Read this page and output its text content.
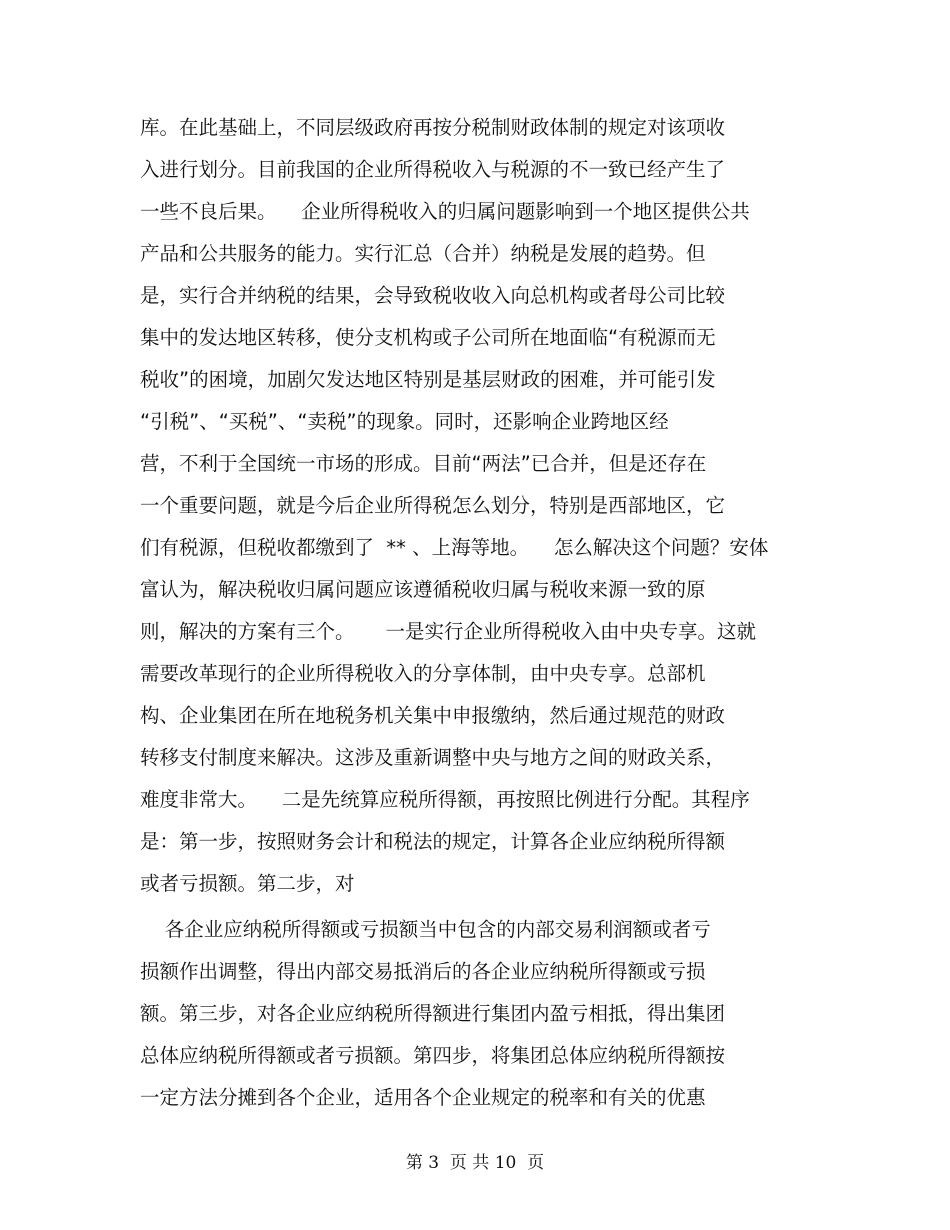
库。在此基础上，不同层级政府再按分税制财政体制的规定对该项收
入进行划分。目前我国的企业所得税收入与税源的不一致已经产生了
一些不良后果。    企业所得税收入的归属问题影响到一个地区提供公共
产品和公共服务的能力。实行汇总（合并）纳税是发展的趋势。但
是，实行合并纳税的结果，会导致税收收入向总机构或者母公司比较
集中的发达地区转移，使分支机构或子公司所在地面临“有税源而无
税收”的困境，加剧欠发达地区特别是基层财政的困难，并可能引发
“引税”、“买税”、“卖税”的现象。同时，还影响企业跨地区经
营，不利于全国统一市场的形成。目前“两法”已合并，但是还存在
一个重要问题，就是今后企业所得税怎么划分，特别是西部地区，它
们有税源，但税收都缴到了  ** 、上海等地。    怎么解决这个问题？安体
富认为，解决税收归属问题应该遵循税收归属与税收来源一致的原
则，解决的方案有三个。     一是实行企业所得税收入由中央专享。这就
需要改革现行的企业所得税收入的分享体制，由中央专享。总部机
构、企业集团在所在地税务机关集中申报缴纳，然后通过规范的财政
转移支付制度来解决。这涉及重新调整中央与地方之间的财政关系，
难度非常大。    二是先统算应税所得额，再按照比例进行分配。其程序
是：第一步，按照财务会计和税法的规定，计算各企业应纳税所得额
或者亏损额。第二步，对
各企业应纳税所得额或亏损额当中包含的内部交易利润额或者亏
损额作出调整，得出内部交易抵消后的各企业应纳税所得额或亏损
额。第三步，对各企业应纳税所得额进行集团内盈亏相抵，得出集团
总体应纳税所得额或者亏损额。第四步，将集团总体应纳税所得额按
一定方法分摊到各个企业，适用各个企业规定的税率和有关的优惠
第 3  页 共 10  页
